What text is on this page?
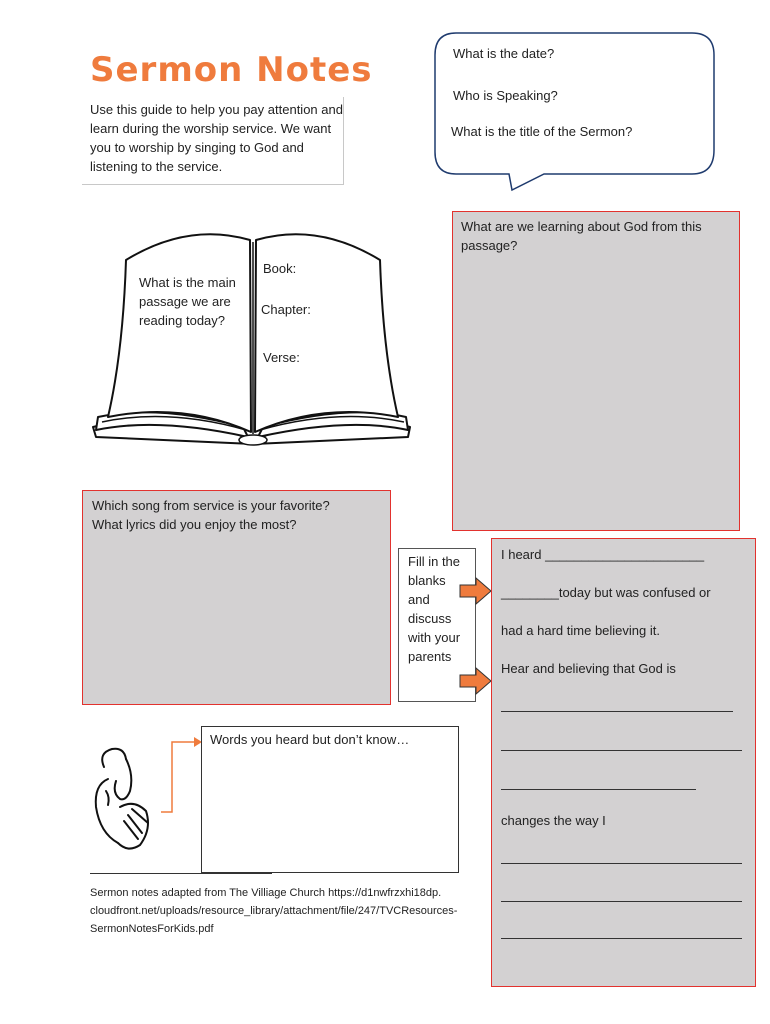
Sermon Notes
Use this guide to help you pay attention and learn during the worship service. We want you to worship by singing to God and listening to the service.
What is the date?
Who is Speaking?
What is the title of the Sermon?
What is the main passage we are reading today?
Book:
Chapter:
Verse:
What are we learning about God from this passage?
Which song from service is your favorite?
What lyrics did you enjoy the most?
Fill in the blanks and discuss with your parents
I heard ______________________
________today but was confused or
had a hard time believing it.
Hear and believing that God is
changes the way I
Words you heard but don’t know…
Sermon notes adapted from The Villiage Church https://d1nwfrzxhi18dp.
cloudfront.net/uploads/resource_library/attachment/file/247/TVCResources-
SermonNotesForKids.pdf
